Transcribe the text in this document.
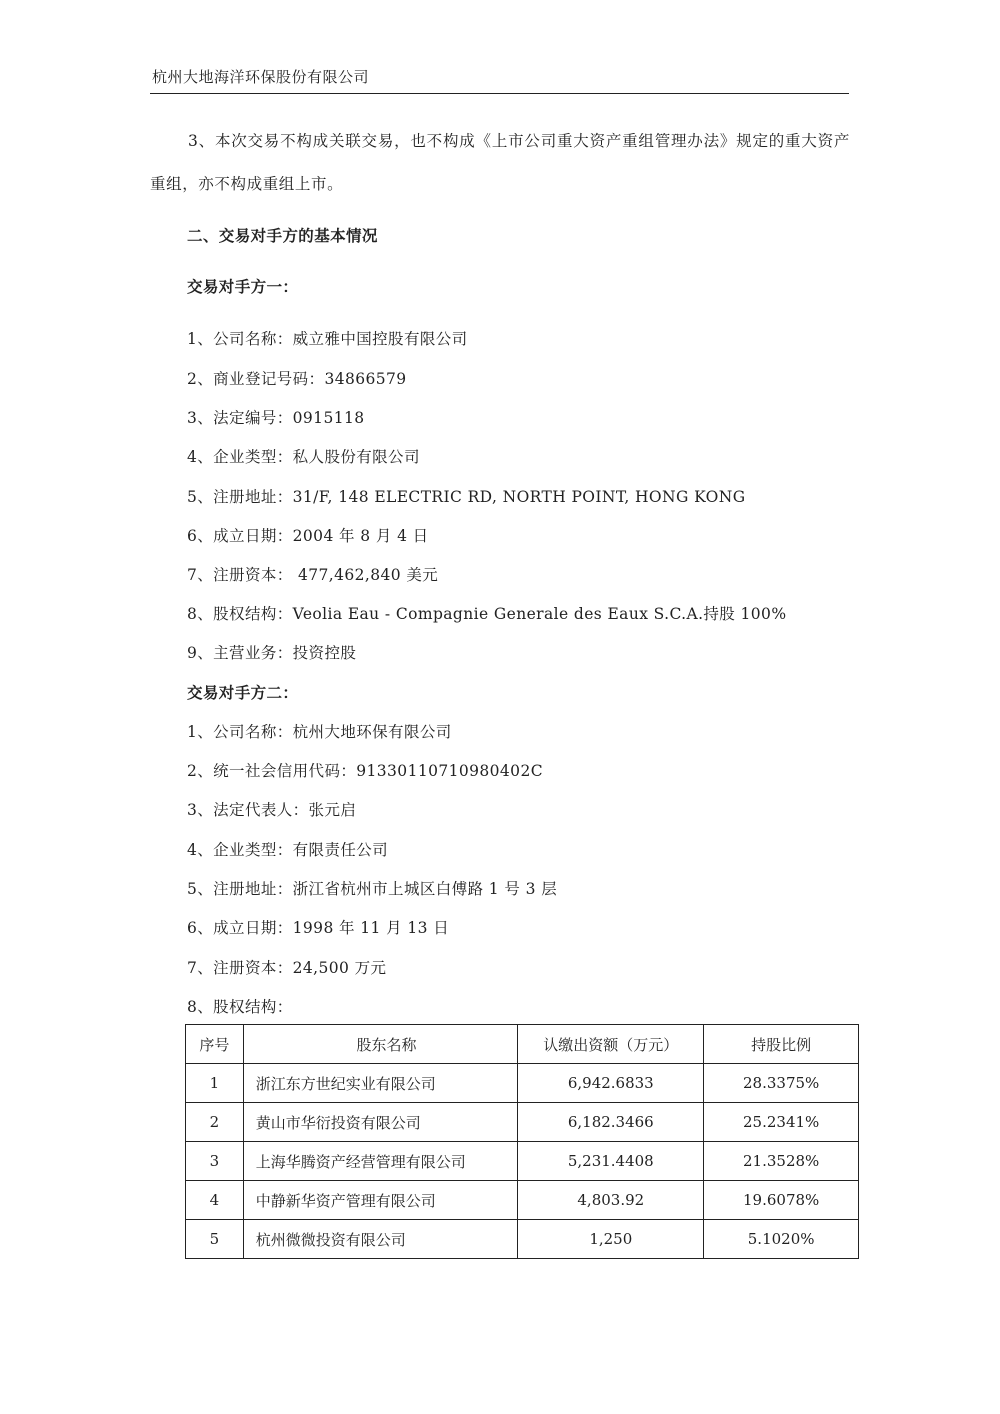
杭州大地海洋环保股份有限公司

3、本次交易不构成关联交易，也不构成《上市公司重大资产重组管理办法》规定的重大资产重组，亦不构成重组上市。

二、交易对手方的基本情况
交易对手方一：
1、公司名称：威立雅中国控股有限公司
2、商业登记号码：34866579
3、法定编号：0915118
4、企业类型：私人股份有限公司
5、注册地址：31/F, 148 ELECTRIC RD, NORTH POINT, HONG KONG
6、成立日期：2004 年 8 月 4 日
7、注册资本： 477,462,840 美元
8、股权结构：Veolia Eau - Compagnie Generale des Eaux S.C.A.持股 100%
9、主营业务：投资控股
交易对手方二：
1、公司名称：杭州大地环保有限公司
2、统一社会信用代码：91330110710980402C
3、法定代表人：张元启
4、企业类型：有限责任公司
5、注册地址：浙江省杭州市上城区白傅路 1 号 3 层
6、成立日期：1998 年 11 月 13 日
7、注册资本：24,500 万元
8、股权结构：
序号	股东名称	认缴出资额（万元）	持股比例
1	浙江东方世纪实业有限公司	6,942.6833	28.3375%
2	黄山市华衍投资有限公司	6,182.3466	25.2341%
3	上海华腾资产经营管理有限公司	5,231.4408	21.3528%
4	中静新华资产管理有限公司	4,803.92	19.6078%
5	杭州微微投资有限公司	1,250	5.1020%
